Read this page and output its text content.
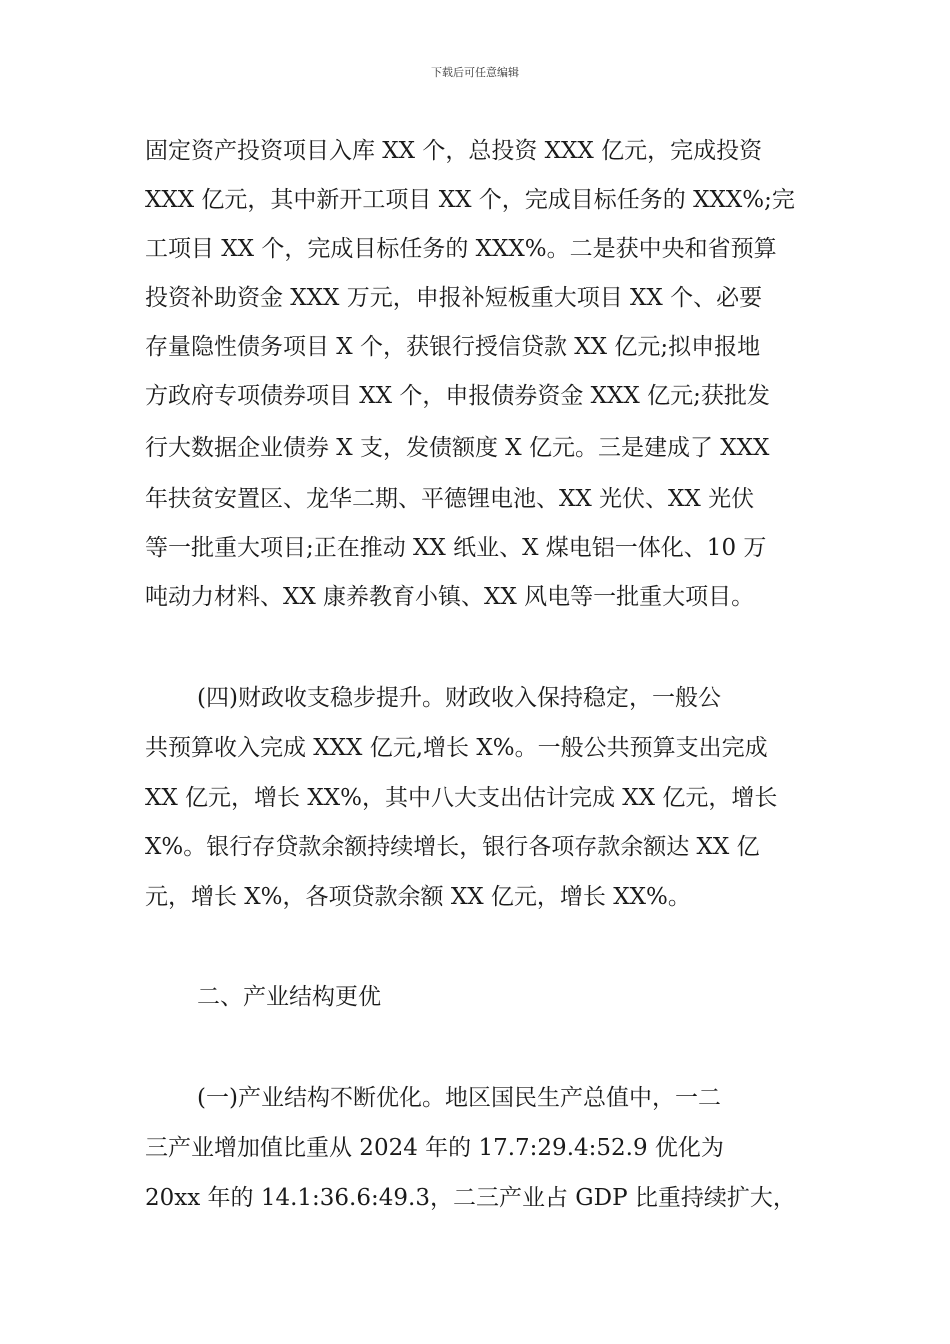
下载后可任意编辑
固定资产投资项目入库 XX 个，总投资 XXX 亿元，完成投资
XXX 亿元，其中新开工项目 XX 个，完成目标任务的 XXX%;完
工项目 XX 个，完成目标任务的 XXX%。二是获中央和省预算
投资补助资金 XXX 万元，申报补短板重大项目 XX 个、必要
存量隐性债务项目 X 个，获银行授信贷款 XX 亿元;拟申报地
方政府专项债券项目 XX 个，申报债券资金 XXX 亿元;获批发
行大数据企业债券 X 支，发债额度 X 亿元。三是建成了 XXX
年扶贫安置区、龙华二期、平德锂电池、XX 光伏、XX 光伏
等一批重大项目;正在推动 XX 纸业、X 煤电铝一体化、10 万
吨动力材料、XX 康养教育小镇、XX 风电等一批重大项目。
(四)财政收支稳步提升。财政收入保持稳定，一般公
共预算收入完成 XXX 亿元,增长 X%。一般公共预算支出完成
XX 亿元，增长 XX%，其中八大支出估计完成 XX 亿元，增长
X%。银行存贷款余额持续增长，银行各项存款余额达 XX 亿
元，增长 X%，各项贷款余额 XX 亿元，增长 XX%。
二、产业结构更优
(一)产业结构不断优化。地区国民生产总值中，一二
三产业增加值比重从 2024 年的 17.7:29.4:52.9 优化为
20xx 年的 14.1:36.6:49.3，二三产业占 GDP 比重持续扩大，
